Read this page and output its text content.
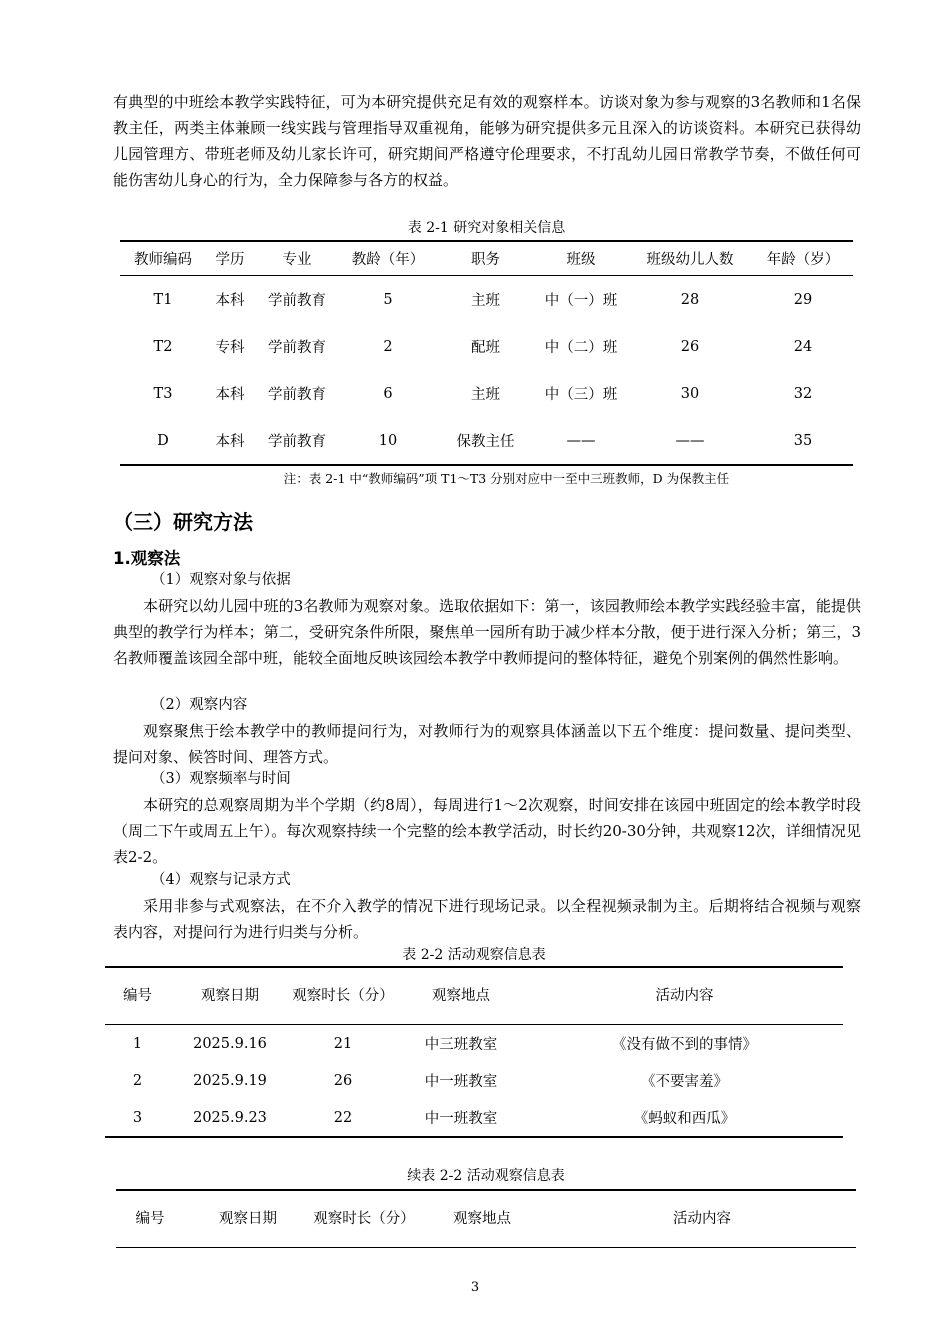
有典型的中班绘本教学实践特征，可为本研究提供充足有效的观察样本。访谈对象为参与观察的3名教师和1名保教主任，两类主体兼顾一线实践与管理指导双重视角，能够为研究提供多元且深入的访谈资料。本研究已获得幼儿园管理方、带班老师及幼儿家长许可，研究期间严格遵守伦理要求，不打乱幼儿园日常教学节奏，不做任何可能伤害幼儿身心的行为，全力保障参与各方的权益。

表 2-1 研究对象相关信息

教师编码	学历	专业	教龄（年）	职务	班级	班级幼儿人数	年龄（岁）
T1	本科	学前教育	5	主班	中（一）班	28	29
T2	专科	学前教育	2	配班	中（二）班	26	24
T3	本科	学前教育	6	主班	中（三）班	30	32
D	本科	学前教育	10	保教主任	——	——	35

注：表 2-1 中“教师编码”项 T1～T3 分别对应中一至中三班教师，D 为保教主任

（三）研究方法
1.观察法
（1）观察对象与依据

本研究以幼儿园中班的3名教师为观察对象。选取依据如下：第一，该园教师绘本教学实践经验丰富，能提供典型的教学行为样本；第二，受研究条件所限，聚焦单一园所有助于减少样本分散，便于进行深入分析；第三，3名教师覆盖该园全部中班，能较全面地反映该园绘本教学中教师提问的整体特征，避免个别案例的偶然性影响。

（2）观察内容

观察聚焦于绘本教学中的教师提问行为，对教师行为的观察具体涵盖以下五个维度：提问数量、提问类型、提问对象、候答时间、理答方式。

（3）观察频率与时间

本研究的总观察周期为半个学期（约8周），每周进行1～2次观察，时间安排在该园中班固定的绘本教学时段（周二下午或周五上午）。每次观察持续一个完整的绘本教学活动，时长约20-30分钟，共观察12次，详细情况见表2-2。

（4）观察与记录方式

采用非参与式观察法，在不介入教学的情况下进行现场记录。以全程视频录制为主。后期将结合视频与观察表内容，对提问行为进行归类与分析。

表 2-2 活动观察信息表

编号	观察日期	观察时长（分）	观察地点	活动内容
1	2025.9.16	21	中三班教室	《没有做不到的事情》
2	2025.9.19	26	中一班教室	《不要害羞》
3	2025.9.23	22	中一班教室	《蚂蚁和西瓜》

续表 2-2 活动观察信息表

编号	观察日期	观察时长（分）	观察地点	活动内容
3
